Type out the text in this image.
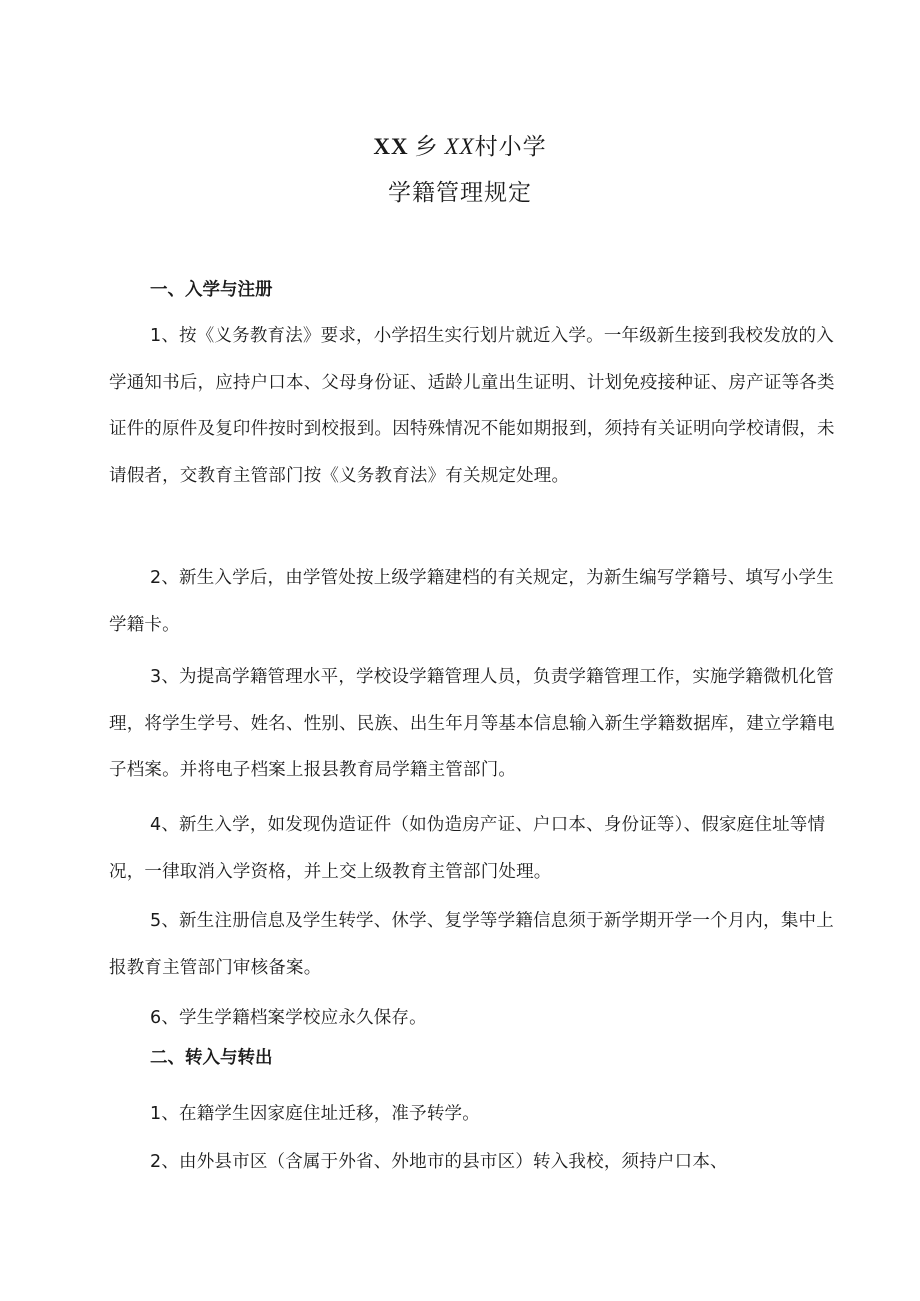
XX 乡 XX村小学
学籍管理规定
一、入学与注册

1、按《义务教育法》要求，小学招生实行划片就近入学。一年级新生接到我校发放的入学通知书后，应持户口本、父母身份证、适龄儿童出生证明、计划免疫接种证、房产证等各类证件的原件及复印件按时到校报到。因特殊情况不能如期报到，须持有关证明向学校请假，未请假者，交教育主管部门按《义务教育法》有关规定处理。

2、新生入学后，由学管处按上级学籍建档的有关规定，为新生编写学籍号、填写小学生学籍卡。

3、为提高学籍管理水平，学校设学籍管理人员，负责学籍管理工作，实施学籍微机化管理，将学生学号、姓名、性别、民族、出生年月等基本信息输入新生学籍数据库，建立学籍电子档案。并将电子档案上报县教育局学籍主管部门。

4、新生入学，如发现伪造证件（如伪造房产证、户口本、身份证等）、假家庭住址等情况，一律取消入学资格，并上交上级教育主管部门处理。

5、新生注册信息及学生转学、休学、复学等学籍信息须于新学期开学一个月内，集中上报教育主管部门审核备案。

6、学生学籍档案学校应永久保存。

二、转入与转出

1、在籍学生因家庭住址迁移，准予转学。

2、由外县市区（含属于外省、外地市的县市区）转入我校，须持户口本、
